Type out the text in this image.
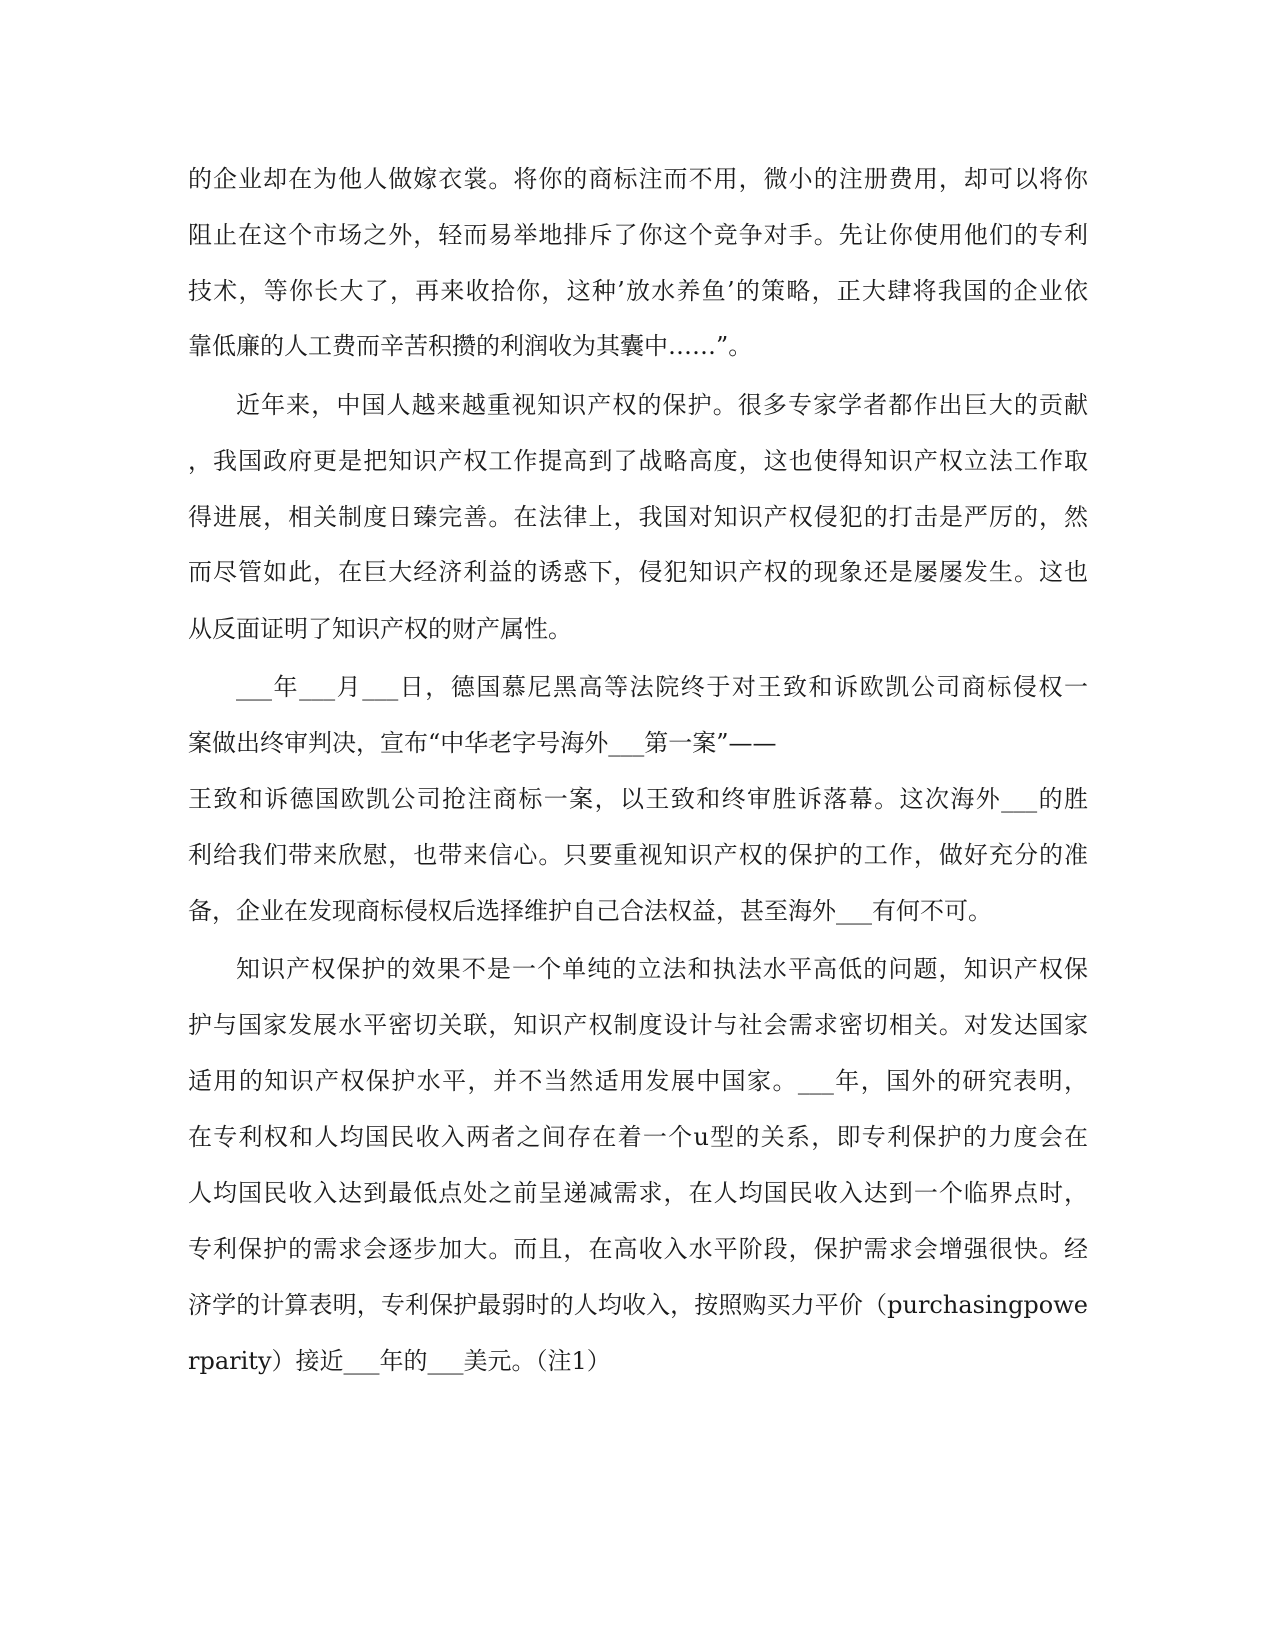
的企业却在为他人做嫁衣裳。将你的商标注而不用，微小的注册费用，却可以将你
阻止在这个市场之外，轻而易举地排斥了你这个竞争对手。先让你使用他们的专利
技术，等你长大了，再来收拾你，这种’放水养鱼’的策略，正大肆将我国的企业依
靠低廉的人工费而辛苦积攒的利润收为其囊中……”。
近年来，中国人越来越重视知识产权的保护。很多专家学者都作出巨大的贡献
，我国政府更是把知识产权工作提高到了战略高度，这也使得知识产权立法工作取
得进展，相关制度日臻完善。在法律上，我国对知识产权侵犯的打击是严厉的，然
而尽管如此，在巨大经济利益的诱惑下，侵犯知识产权的现象还是屡屡发生。这也
从反面证明了知识产权的财产属性。
___年___月___日，德国慕尼黑高等法院终于对王致和诉欧凯公司商标侵权一
案做出终审判决，宣布“中华老字号海外___第一案”——
王致和诉德国欧凯公司抢注商标一案，以王致和终审胜诉落幕。这次海外___的胜
利给我们带来欣慰，也带来信心。只要重视知识产权的保护的工作，做好充分的准
备，企业在发现商标侵权后选择维护自己合法权益，甚至海外___有何不可。
知识产权保护的效果不是一个单纯的立法和执法水平高低的问题，知识产权保
护与国家发展水平密切关联，知识产权制度设计与社会需求密切相关。对发达国家
适用的知识产权保护水平，并不当然适用发展中国家。___年，国外的研究表明，
在专利权和人均国民收入两者之间存在着一个u型的关系，即专利保护的力度会在
人均国民收入达到最低点处之前呈递减需求，在人均国民收入达到一个临界点时，
专利保护的需求会逐步加大。而且，在高收入水平阶段，保护需求会增强很快。经
济学的计算表明，专利保护最弱时的人均收入，按照购买力平价（purchasingpowe
rparity）接近___年的___美元。（注1）
